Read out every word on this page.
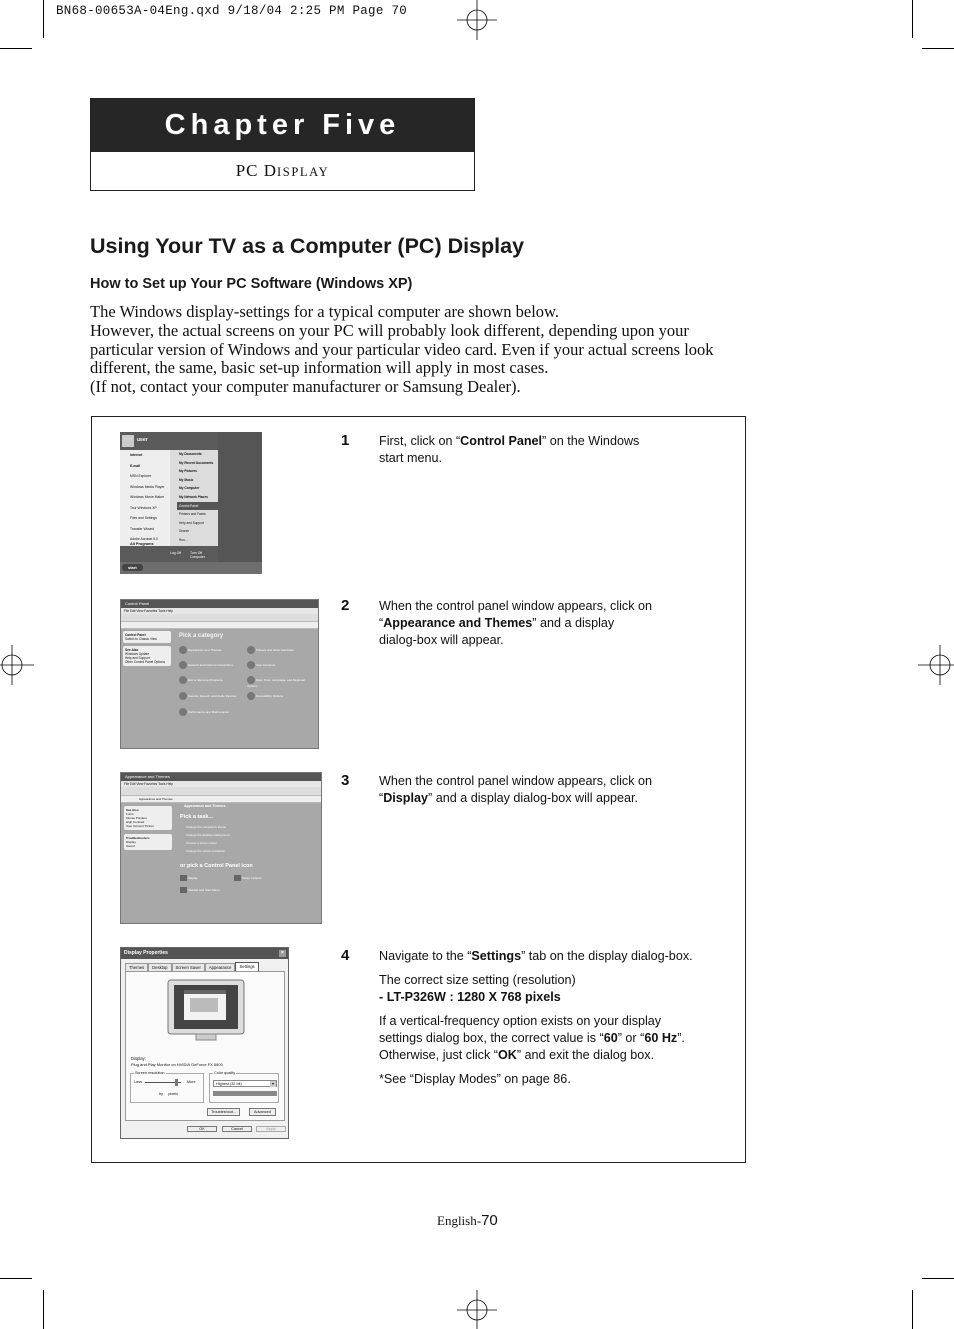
BN68-00653A-04Eng.qxd 9/18/04 2:25 PM Page 70
Chapter Five
PC DISPLAY
Using Your TV as a Computer (PC) Display
How to Set up Your PC Software (Windows XP)

The Windows display-settings for a typical computer are shown below.

However, the actual screens on your PC will probably look different, depending upon your

particular version of Windows and your particular video card. Even if your actual screens look

different, the same, basic set-up information will apply in most cases.

(If not, contact your computer manufacturer or Samsung Dealer).

user
Internet
E-mail
MSN Explorer
Windows Media Player
Windows Movie Maker
Tour Windows XP
Files and Settings Transfer Wizard
Adobe Acrobat 5.0
All Programs
My Documents
My Recent Documents
My Pictures
My Music
My Computer
My Network Places
Control Panel
Printers and Faxes
Help and Support
Search
Run...
Log Off	Turn Off Computer
start
Control Panel
File Edit View Favorites Tools Help
Control Panel
Switch to Classic View
See Also
Windows Update
Help and Support
Other Control Panel Options
Pick a category
Appearance and Themes	Printers and Other Hardware
Network and Internet Connections	User Accounts
Add or Remove Programs	Date, Time, Language, and Regional Options
Sounds, Speech, and Audio Devices	Accessibility Options
Performance and Maintenance
Appearance and Themes
File Edit View Favorites Tools Help
Appearance and Themes
See Also
Fonts
Mouse Pointers
High Contrast
User Account Picture
Troubleshooters
Display
Sound
Appearance and Themes
Pick a task...
Change the computer's theme
Change the desktop background
Choose a screen saver
Change the screen resolution
or pick a Control Panel icon
Display	Folder Options
Taskbar and Start Menu
Display Properties	×
Themes	Desktop	Screen Saver	Appearance	Settings
Display:
Plug and Play Monitor on NVIDIA GeForce FX 5600
Screen resolution
Less	More
by     pixels
Color quality
Highest (32 bit)	▾
Troubleshoot...	Advanced
OK	Cancel	Apply
1
2
3
4

First, click on “Control Panel” on the Windows
start menu.

When the control panel window appears, click on
“Appearance and Themes” and a display
dialog-box will appear.

When the control panel window appears, click on
“Display” and a display dialog-box will appear.

Navigate to the “Settings” tab on the display dialog-box.

The correct size setting (resolution)
- LT-P326W : 1280 X 768 pixels

If a vertical-frequency option exists on your display
settings dialog box, the correct value is “60” or “60 Hz”.
Otherwise, just click “OK” and exit the dialog box.

*See “Display Modes” on page 86.

English-70
